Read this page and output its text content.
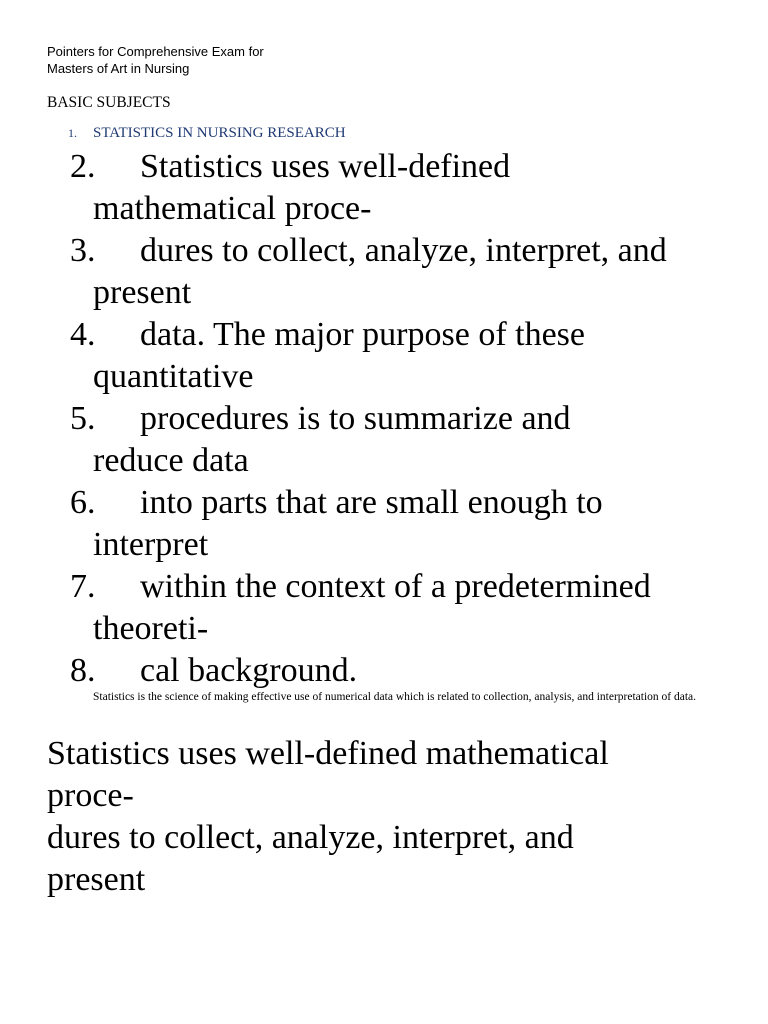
Pointers for Comprehensive Exam for
Masters of Art in Nursing
BASIC SUBJECTS
1. STATISTICS IN NURSING RESEARCH
2. Statistics uses well-defined
mathematical proce-
3. dures to collect, analyze, interpret, and
present
4. data. The major purpose of these
quantitative
5. procedures is to summarize and
reduce data
6. into parts that are small enough to
interpret
7. within the context of a predetermined
theoreti-
8. cal background.
Statistics is the science of making effective use of numerical data which is related to collection, analysis, and interpretation of data.
Statistics uses well-defined mathematical
proce-
dures to collect, analyze, interpret, and
present
